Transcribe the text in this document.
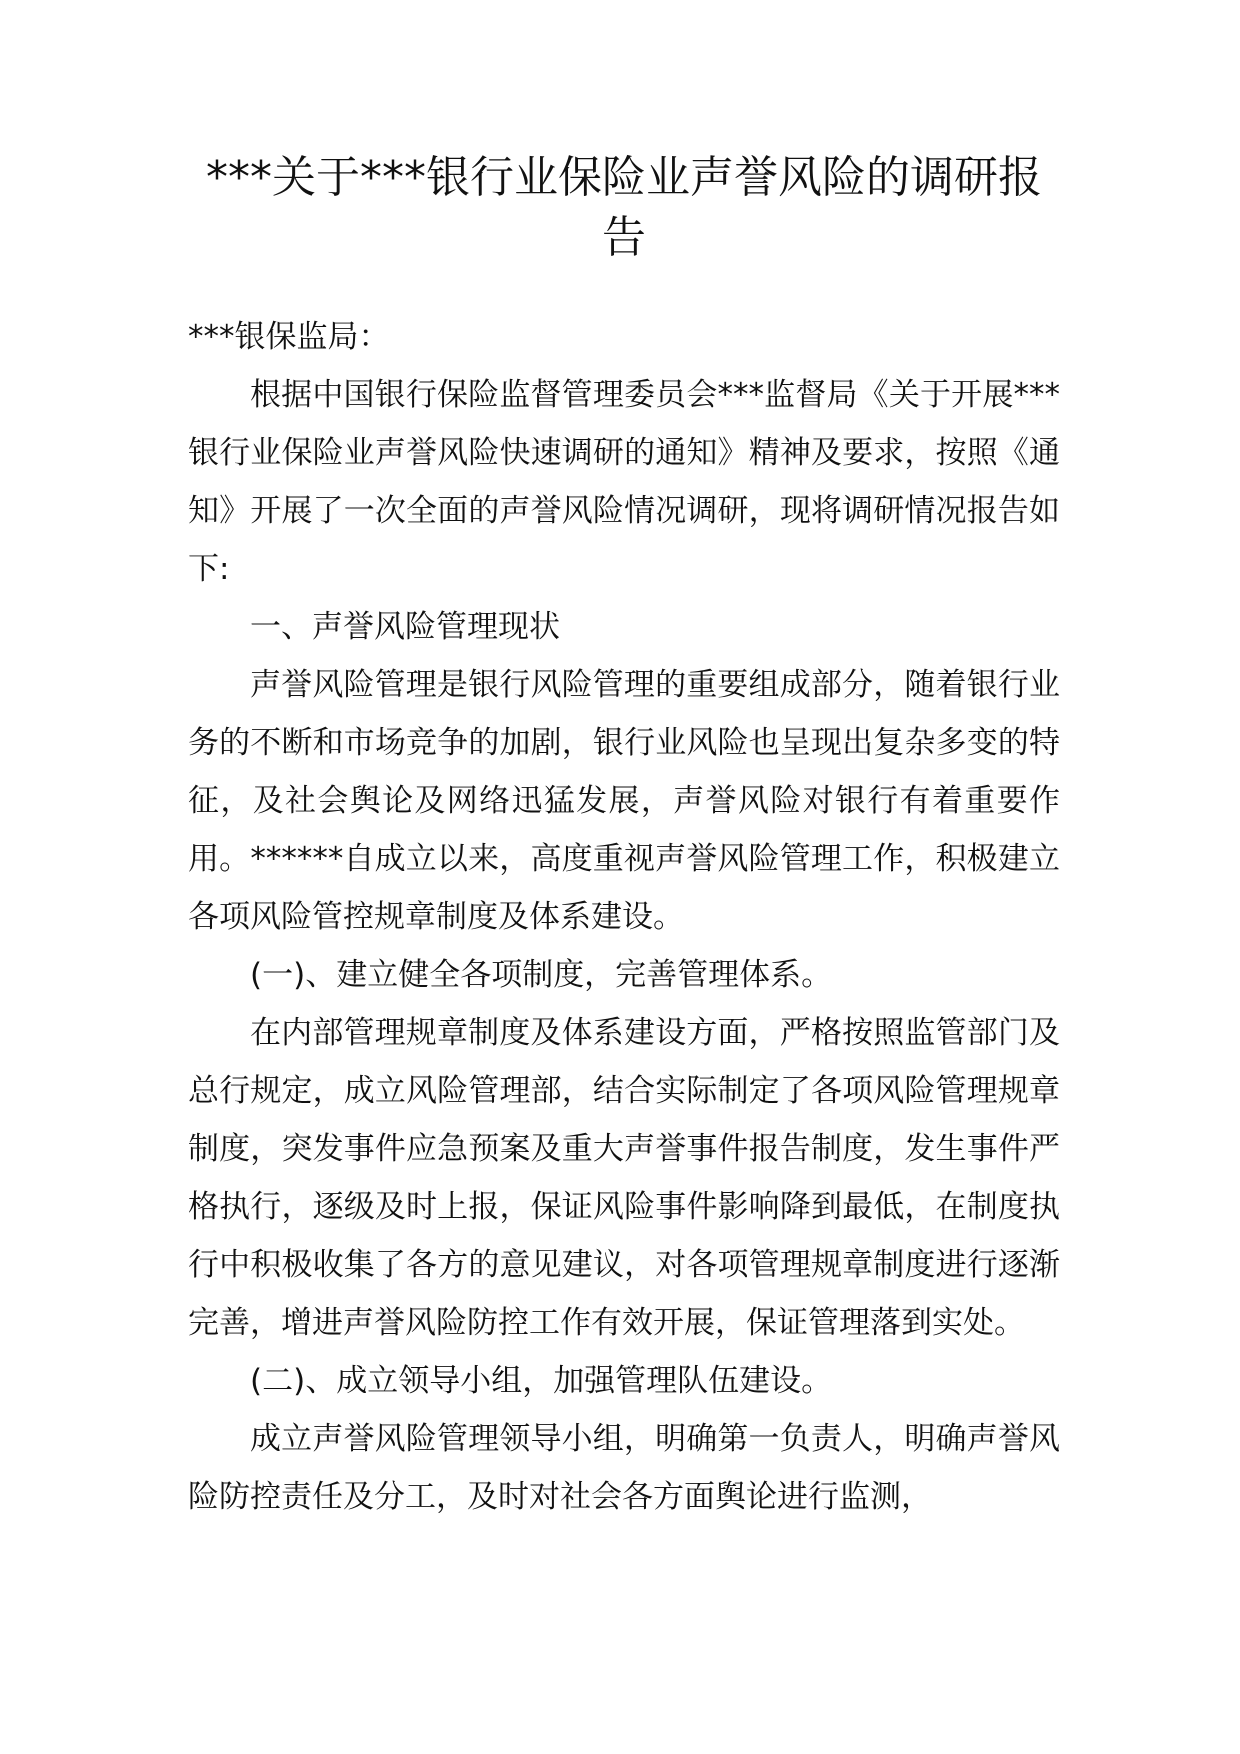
***关于***银行业保险业声誉风险的调研报告

***银保监局：

根据中国银行保险监督管理委员会***监督局《关于开展***银行业保险业声誉风险快速调研的通知》精神及要求，按照《通知》开展了一次全面的声誉风险情况调研，现将调研情况报告如下:

一、声誉风险管理现状

声誉风险管理是银行风险管理的重要组成部分，随着银行业务的不断和市场竞争的加剧，银行业风险也呈现出复杂多变的特征，及社会舆论及网络迅猛发展，声誉风险对银行有着重要作用。******自成立以来，高度重视声誉风险管理工作，积极建立各项风险管控规章制度及体系建设。

(一)、建立健全各项制度，完善管理体系。

在内部管理规章制度及体系建设方面，严格按照监管部门及总行规定，成立风险管理部，结合实际制定了各项风险管理规章制度，突发事件应急预案及重大声誉事件报告制度，发生事件严格执行，逐级及时上报，保证风险事件影响降到最低，在制度执行中积极收集了各方的意见建议，对各项管理规章制度进行逐渐完善，增进声誉风险防控工作有效开展，保证管理落到实处。

(二)、成立领导小组，加强管理队伍建设。

成立声誉风险管理领导小组，明确第一负责人，明确声誉风险防控责任及分工，及时对社会各方面舆论进行监测，
